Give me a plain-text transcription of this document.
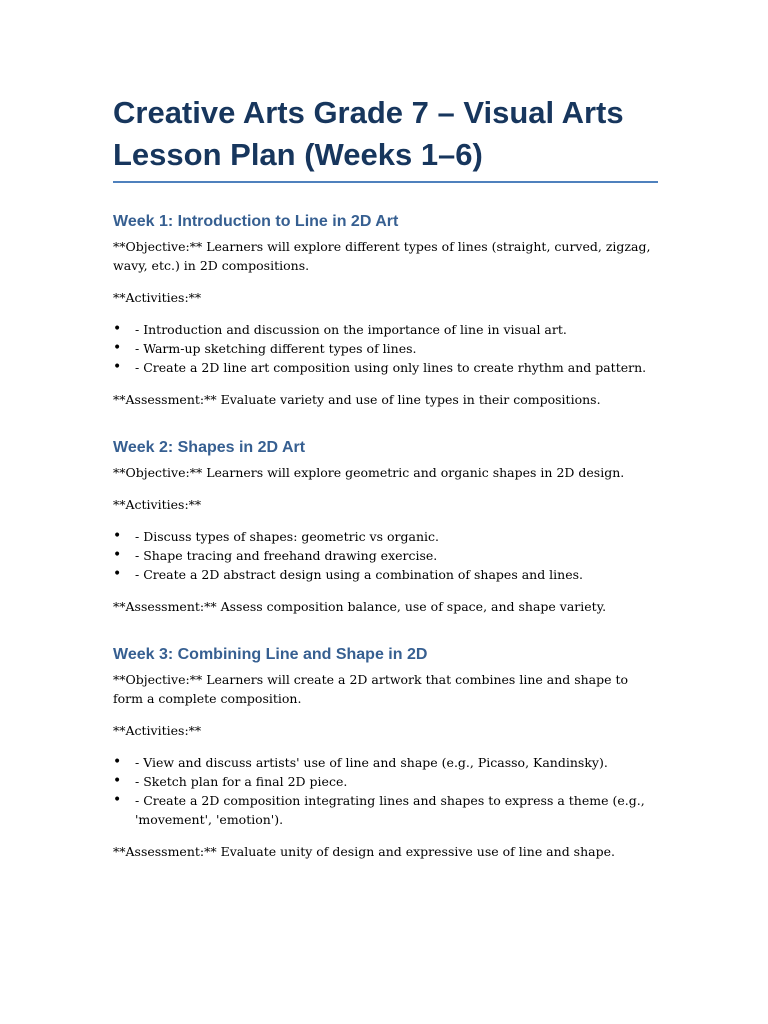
Creative Arts Grade 7 – Visual Arts Lesson Plan (Weeks 1–6)
Week 1: Introduction to Line in 2D Art

**Objective:** Learners will explore different types of lines (straight, curved, zigzag, wavy, etc.) in 2D compositions.

**Activities:**

• - Introduction and discussion on the importance of line in visual art.
• - Warm-up sketching different types of lines.
• - Create a 2D line art composition using only lines to create rhythm and pattern.

**Assessment:** Evaluate variety and use of line types in their compositions.

Week 2: Shapes in 2D Art

**Objective:** Learners will explore geometric and organic shapes in 2D design.

**Activities:**

• - Discuss types of shapes: geometric vs organic.
• - Shape tracing and freehand drawing exercise.
• - Create a 2D abstract design using a combination of shapes and lines.

**Assessment:** Assess composition balance, use of space, and shape variety.

Week 3: Combining Line and Shape in 2D

**Objective:** Learners will create a 2D artwork that combines line and shape to form a complete composition.

**Activities:**

• - View and discuss artists' use of line and shape (e.g., Picasso, Kandinsky).
• - Sketch plan for a final 2D piece.
• - Create a 2D composition integrating lines and shapes to express a theme (e.g., 'movement', 'emotion').

**Assessment:** Evaluate unity of design and expressive use of line and shape.
